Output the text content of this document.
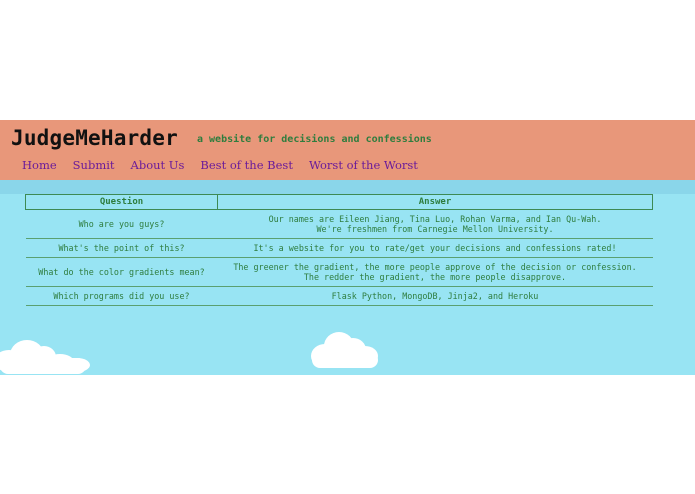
JudgeMeHarder a website for decisions and confessions
Home Submit About Us Best of the Best Worst of the Worst
Question	Answer
Who are you guys?	Our names are Eileen Jiang, Tina Luo, Rohan Varma, and Ian Qu-Wah.
We're freshmen from Carnegie Mellon University.
What's the point of this?	It's a website for you to rate/get your decisions and confessions rated!
What do the color gradients mean?	The greener the gradient, the more people approve of the decision or confession.
The redder the gradient, the more people disapprove.
Which programs did you use?	Flask Python, MongoDB, Jinja2, and Heroku
